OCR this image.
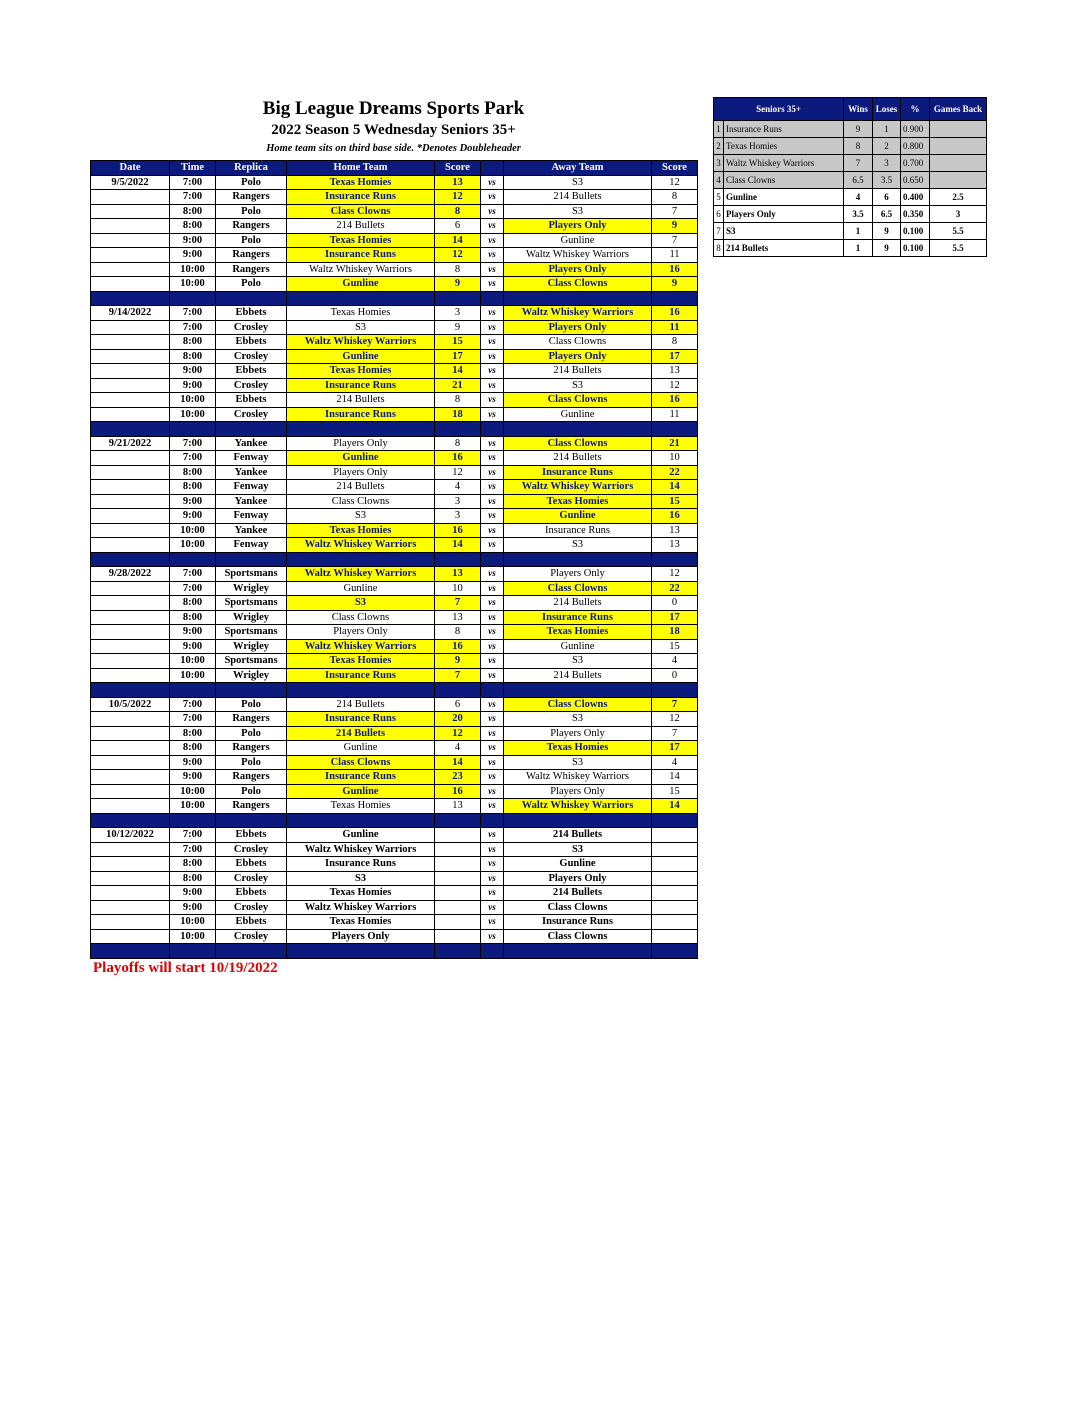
Big League Dreams Sports Park
2022 Season 5 Wednesday Seniors 35+
Home team sits on third base side. *Denotes Doubleheader
Date	Time	Replica	Home Team	Score		Away Team	Score
9/5/2022	7:00	Polo	Texas Homies	13	vs	S3	12
	7:00	Rangers	Insurance Runs	12	vs	214 Bullets	8
	8:00	Polo	Class Clowns	8	vs	S3	7
	8:00	Rangers	214 Bullets	6	vs	Players Only	9
	9:00	Polo	Texas Homies	14	vs	Gunline	7
	9:00	Rangers	Insurance Runs	12	vs	Waltz Whiskey Warriors	11
	10:00	Rangers	Waltz Whiskey Warriors	8	vs	Players Only	16
	10:00	Polo	Gunline	9	vs	Class Clowns	9

9/14/2022	7:00	Ebbets	Texas Homies	3	vs	Waltz Whiskey Warriors	16
	7:00	Crosley	S3	9	vs	Players Only	11
	8:00	Ebbets	Waltz Whiskey Warriors	15	vs	Class Clowns	8
	8:00	Crosley	Gunline	17	vs	Players Only	17
	9:00	Ebbets	Texas Homies	14	vs	214 Bullets	13
	9:00	Crosley	Insurance Runs	21	vs	S3	12
	10:00	Ebbets	214 Bullets	8	vs	Class Clowns	16
	10:00	Crosley	Insurance Runs	18	vs	Gunline	11

9/21/2022	7:00	Yankee	Players Only	8	vs	Class Clowns	21
	7:00	Fenway	Gunline	16	vs	214 Bullets	10
	8:00	Yankee	Players Only	12	vs	Insurance Runs	22
	8:00	Fenway	214 Bullets	4	vs	Waltz Whiskey Warriors	14
	9:00	Yankee	Class Clowns	3	vs	Texas Homies	15
	9:00	Fenway	S3	3	vs	Gunline	16
	10:00	Yankee	Texas Homies	16	vs	Insurance Runs	13
	10:00	Fenway	Waltz Whiskey Warriors	14	vs	S3	13

9/28/2022	7:00	Sportsmans	Waltz Whiskey Warriors	13	vs	Players Only	12
	7:00	Wrigley	Gunline	10	vs	Class Clowns	22
	8:00	Sportsmans	S3	7	vs	214 Bullets	0
	8:00	Wrigley	Class Clowns	13	vs	Insurance Runs	17
	9:00	Sportsmans	Players Only	8	vs	Texas Homies	18
	9:00	Wrigley	Waltz Whiskey Warriors	16	vs	Gunline	15
	10:00	Sportsmans	Texas Homies	9	vs	S3	4
	10:00	Wrigley	Insurance Runs	7	vs	214 Bullets	0

10/5/2022	7:00	Polo	214 Bullets	6	vs	Class Clowns	7
	7:00	Rangers	Insurance Runs	20	vs	S3	12
	8:00	Polo	214 Bullets	12	vs	Players Only	7
	8:00	Rangers	Gunline	4	vs	Texas Homies	17
	9:00	Polo	Class Clowns	14	vs	S3	4
	9:00	Rangers	Insurance Runs	23	vs	Waltz Whiskey Warriors	14
	10:00	Polo	Gunline	16	vs	Players Only	15
	10:00	Rangers	Texas Homies	13	vs	Waltz Whiskey Warriors	14

10/12/2022	7:00	Ebbets	Gunline		vs	214 Bullets	
	7:00	Crosley	Waltz Whiskey Warriors		vs	S3	
	8:00	Ebbets	Insurance Runs		vs	Gunline	
	8:00	Crosley	S3		vs	Players Only	
	9:00	Ebbets	Texas Homies		vs	214 Bullets	
	9:00	Crosley	Waltz Whiskey Warriors		vs	Class Clowns	
	10:00	Ebbets	Texas Homies		vs	Insurance Runs	
	10:00	Crosley	Players Only		vs	Class Clowns	

Seniors 35+		Wins	Loses	%	Games Back
1	Insurance Runs	9	1	0.900	
2	Texas Homies	8	2	0.800	
3	Waltz Whiskey Warriors	7	3	0.700	
4	Class Clowns	6.5	3.5	0.650	
5	Gunline	4	6	0.400	2.5
6	Players Only	3.5	6.5	0.350	3
7	S3	1	9	0.100	5.5
8	214 Bullets	1	9	0.100	5.5
Playoffs will start 10/19/2022
